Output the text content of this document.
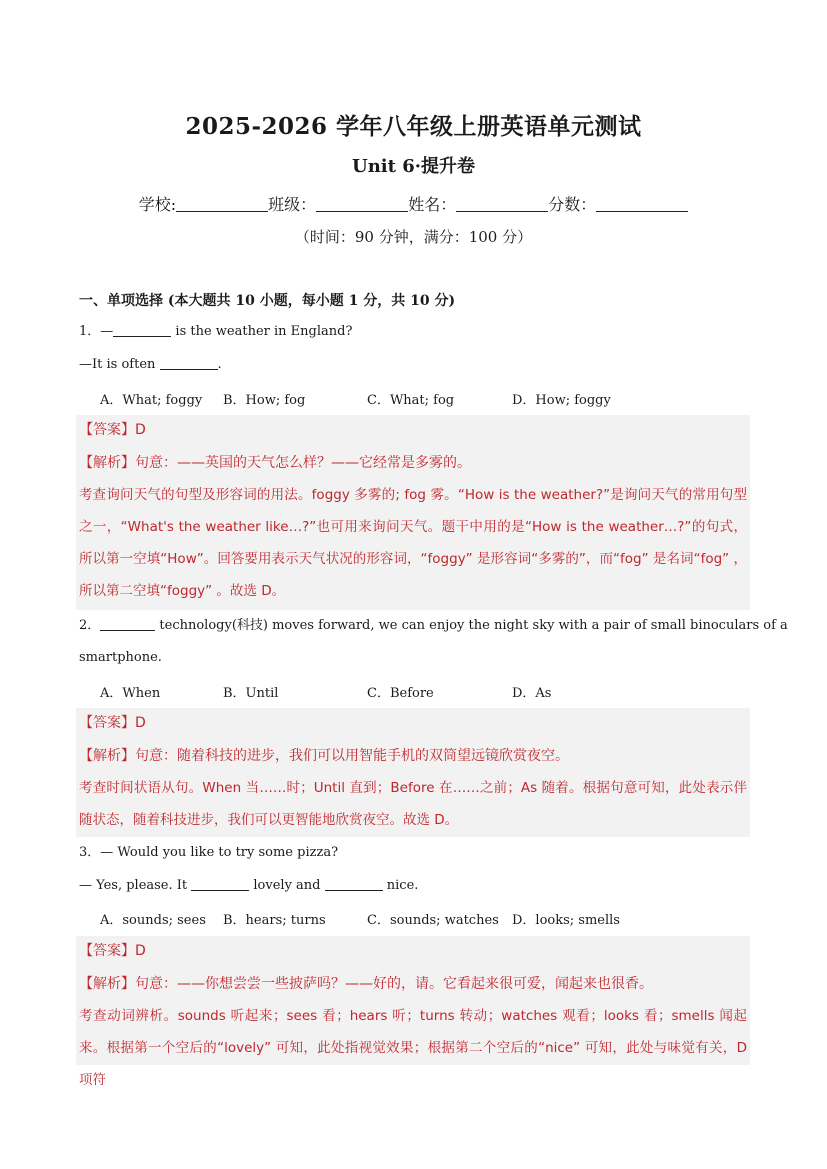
2025-2026 学年八年级上册英语单元测试
Unit 6·提升卷
学校:	班级：	姓名：	分数：
（时间：90 分钟，满分：100 分）
一、单项选择 (本大题共 10 小题，每小题 1 分，共 10 分)
1．—	is the weather in England?
—It is often	.
A．What; foggy B．How; fog	C．What; fog	D．How; foggy
【答案】D
【解析】句意：——英国的天气怎么样？——它经常是多雾的。
考查询问天气的句型及形容词的用法。foggy 多雾的; fog 雾。“How is the weather?”是询问天气的常用句型之一，“What's the weather like…?”也可用来询问天气。题干中用的是“How is the weather…?”的句式，所以第一空填“How”。回答要用表示天气状况的形容词，“foggy” 是形容词“多雾的”，而“fog” 是名词“fog” ，所以第二空填“foggy” 。故选 D。
2．	technology(科技) moves forward, we can enjoy the night sky with a pair of small binoculars of a
smartphone.
A．When	B．Until	C．Before	D．As
【答案】D
【解析】句意：随着科技的进步，我们可以用智能手机的双筒望远镜欣赏夜空。
考查时间状语从句。When 当……时；Until 直到；Before 在……之前；As 随着。根据句意可知，此处表示伴随状态，随着科技进步，我们可以更智能地欣赏夜空。故选 D。
3．— Would you like to try some pizza?
— Yes, please. It	lovely and	nice.
A．sounds; sees B．hears; turns	C．sounds; watches D．looks; smells
【答案】D
【解析】句意：——你想尝尝一些披萨吗？——好的，请。它看起来很可爱，闻起来也很香。
考查动词辨析。sounds 听起来；sees 看；hears 听；turns 转动；watches 观看；looks 看；smells 闻起来。根据第一个空后的“lovely” 可知，此处指视觉效果；根据第二个空后的“nice” 可知，此处与味觉有关，D 项符
